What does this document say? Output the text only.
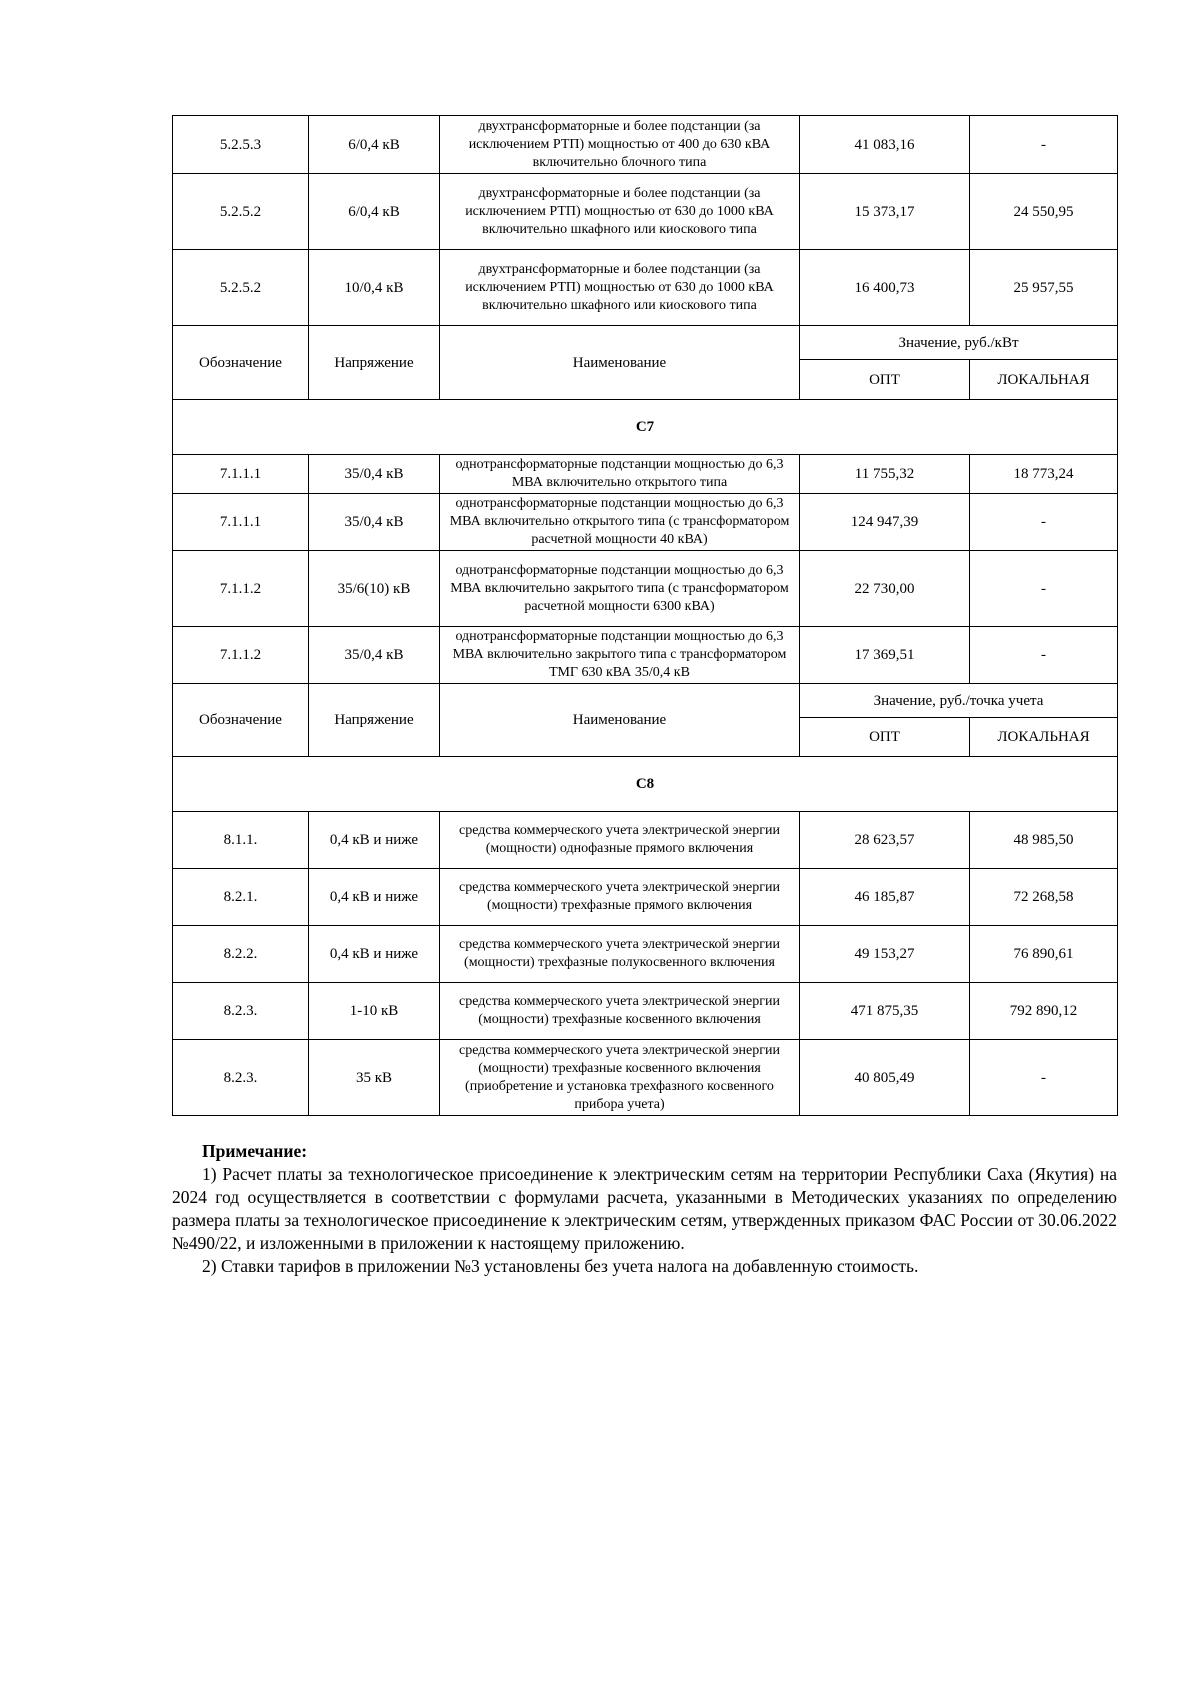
5.2.5.3	6/0,4 кВ	двухтрансформаторные и более подстанции (за исключением РТП) мощностью от 400 до 630 кВА включительно блочного типа	41 083,16	-
5.2.5.2	6/0,4 кВ	двухтрансформаторные и более подстанции (за исключением РТП) мощностью от 630 до 1000 кВА включительно шкафного или киоскового типа	15 373,17	24 550,95
5.2.5.2	10/0,4 кВ	двухтрансформаторные и более подстанции (за исключением РТП) мощностью от 630 до 1000 кВА включительно шкафного или киоскового типа	16 400,73	25 957,55
Обозначение	Напряжение	Наименование	Значение, руб./кВт	
			ОПТ	ЛОКАЛЬНАЯ
С7				
7.1.1.1	35/0,4 кВ	однотрансформаторные подстанции мощностью до 6,3 МВА включительно открытого типа	11 755,32	18 773,24
7.1.1.1	35/0,4 кВ	однотрансформаторные подстанции мощностью до 6,3 МВА включительно открытого типа (с трансформатором расчетной мощности 40 кВА)	124 947,39	-
7.1.1.2	35/6(10) кВ	однотрансформаторные подстанции мощностью до 6,3 МВА включительно закрытого типа (с трансформатором расчетной мощности 6300 кВА)	22 730,00	-
7.1.1.2	35/0,4 кВ	однотрансформаторные подстанции мощностью до 6,3 МВА включительно закрытого типа с трансформатором ТМГ 630 кВА 35/0,4 кВ	17 369,51	-
Обозначение	Напряжение	Наименование	Значение, руб./точка учета	
			ОПТ	ЛОКАЛЬНАЯ
С8				
8.1.1.	0,4 кВ и ниже	средства коммерческого учета электрической энергии (мощности) однофазные прямого включения	28 623,57	48 985,50
8.2.1.	0,4 кВ и ниже	средства коммерческого учета электрической энергии (мощности) трехфазные прямого включения	46 185,87	72 268,58
8.2.2.	0,4 кВ и ниже	средства коммерческого учета электрической энергии (мощности) трехфазные полукосвенного включения	49 153,27	76 890,61
8.2.3.	1-10 кВ	средства коммерческого учета электрической энергии (мощности) трехфазные косвенного включения	471 875,35	792 890,12
8.2.3.	35 кВ	средства коммерческого учета электрической энергии (мощности) трехфазные косвенного включения (приобретение и установка трехфазного косвенного прибора учета)	40 805,49	-
Примечание:

1) Расчет платы за технологическое присоединение к электрическим сетям на территории Республики Саха (Якутия) на 2024 год осуществляется в соответствии с формулами расчета, указанными в Методических указаниях по определению размера платы за технологическое присоединение к электрическим сетям, утвержденных приказом ФАС России от 30.06.2022 №490/22, и изложенными в приложении к настоящему приложению.

2) Ставки тарифов в приложении №3 установлены без учета налога на добавленную стоимость.
